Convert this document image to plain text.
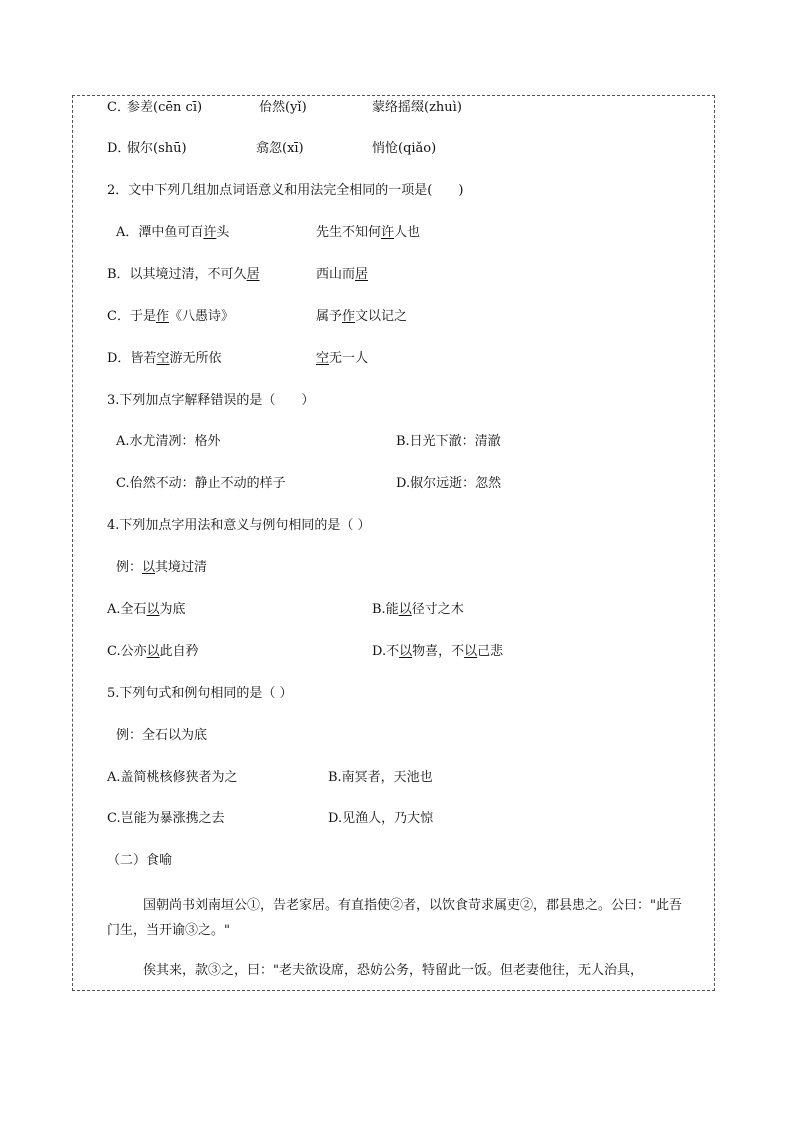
C．
参差(cēn cī)	佁然(yǐ)	蒙络摇缀(zhuì)
D．
俶尔(shū)	翕忽(xī)	悄怆(qiǎo)
2．文中下列几组加点词语意义和用法完全相同的一项是(　　)
A．潭中鱼可百许头	先生不知何许人也
B．以其境过清，不可久居	西山而居
C．于是作《八愚诗》	属予作文以记之
D．皆若空游无所依	空无一人
3.下列加点字解释错误的是（　　）
A.水尤清冽：格外	B.日光下澈：清澈
C.佁然不动：静止不动的样子	D.俶尔远逝：忽然
4.下列加点字用法和意义与例句相同的是（ ）
例：以其境过清
A.全石以为底	B.能以径寸之木
C.公亦以此自矜	D.不以物喜，不以己悲
5.下列句式和例句相同的是（ ）
例：全石以为底
A.盖简桃核修狭者为之	B.南冥者，天池也
C.岂能为暴涨携之去	D.见渔人，乃大惊
（二）食喻
国朝尚书刘南垣公①，告老家居。有直指使②者，以饮食苛求属吏②，郡县患之。公曰："此吾门生，当开谕③之。"
俟其来，款③之，曰："老夫欲设席，恐妨公务，特留此一饭。但老妻他往，无人治具，
